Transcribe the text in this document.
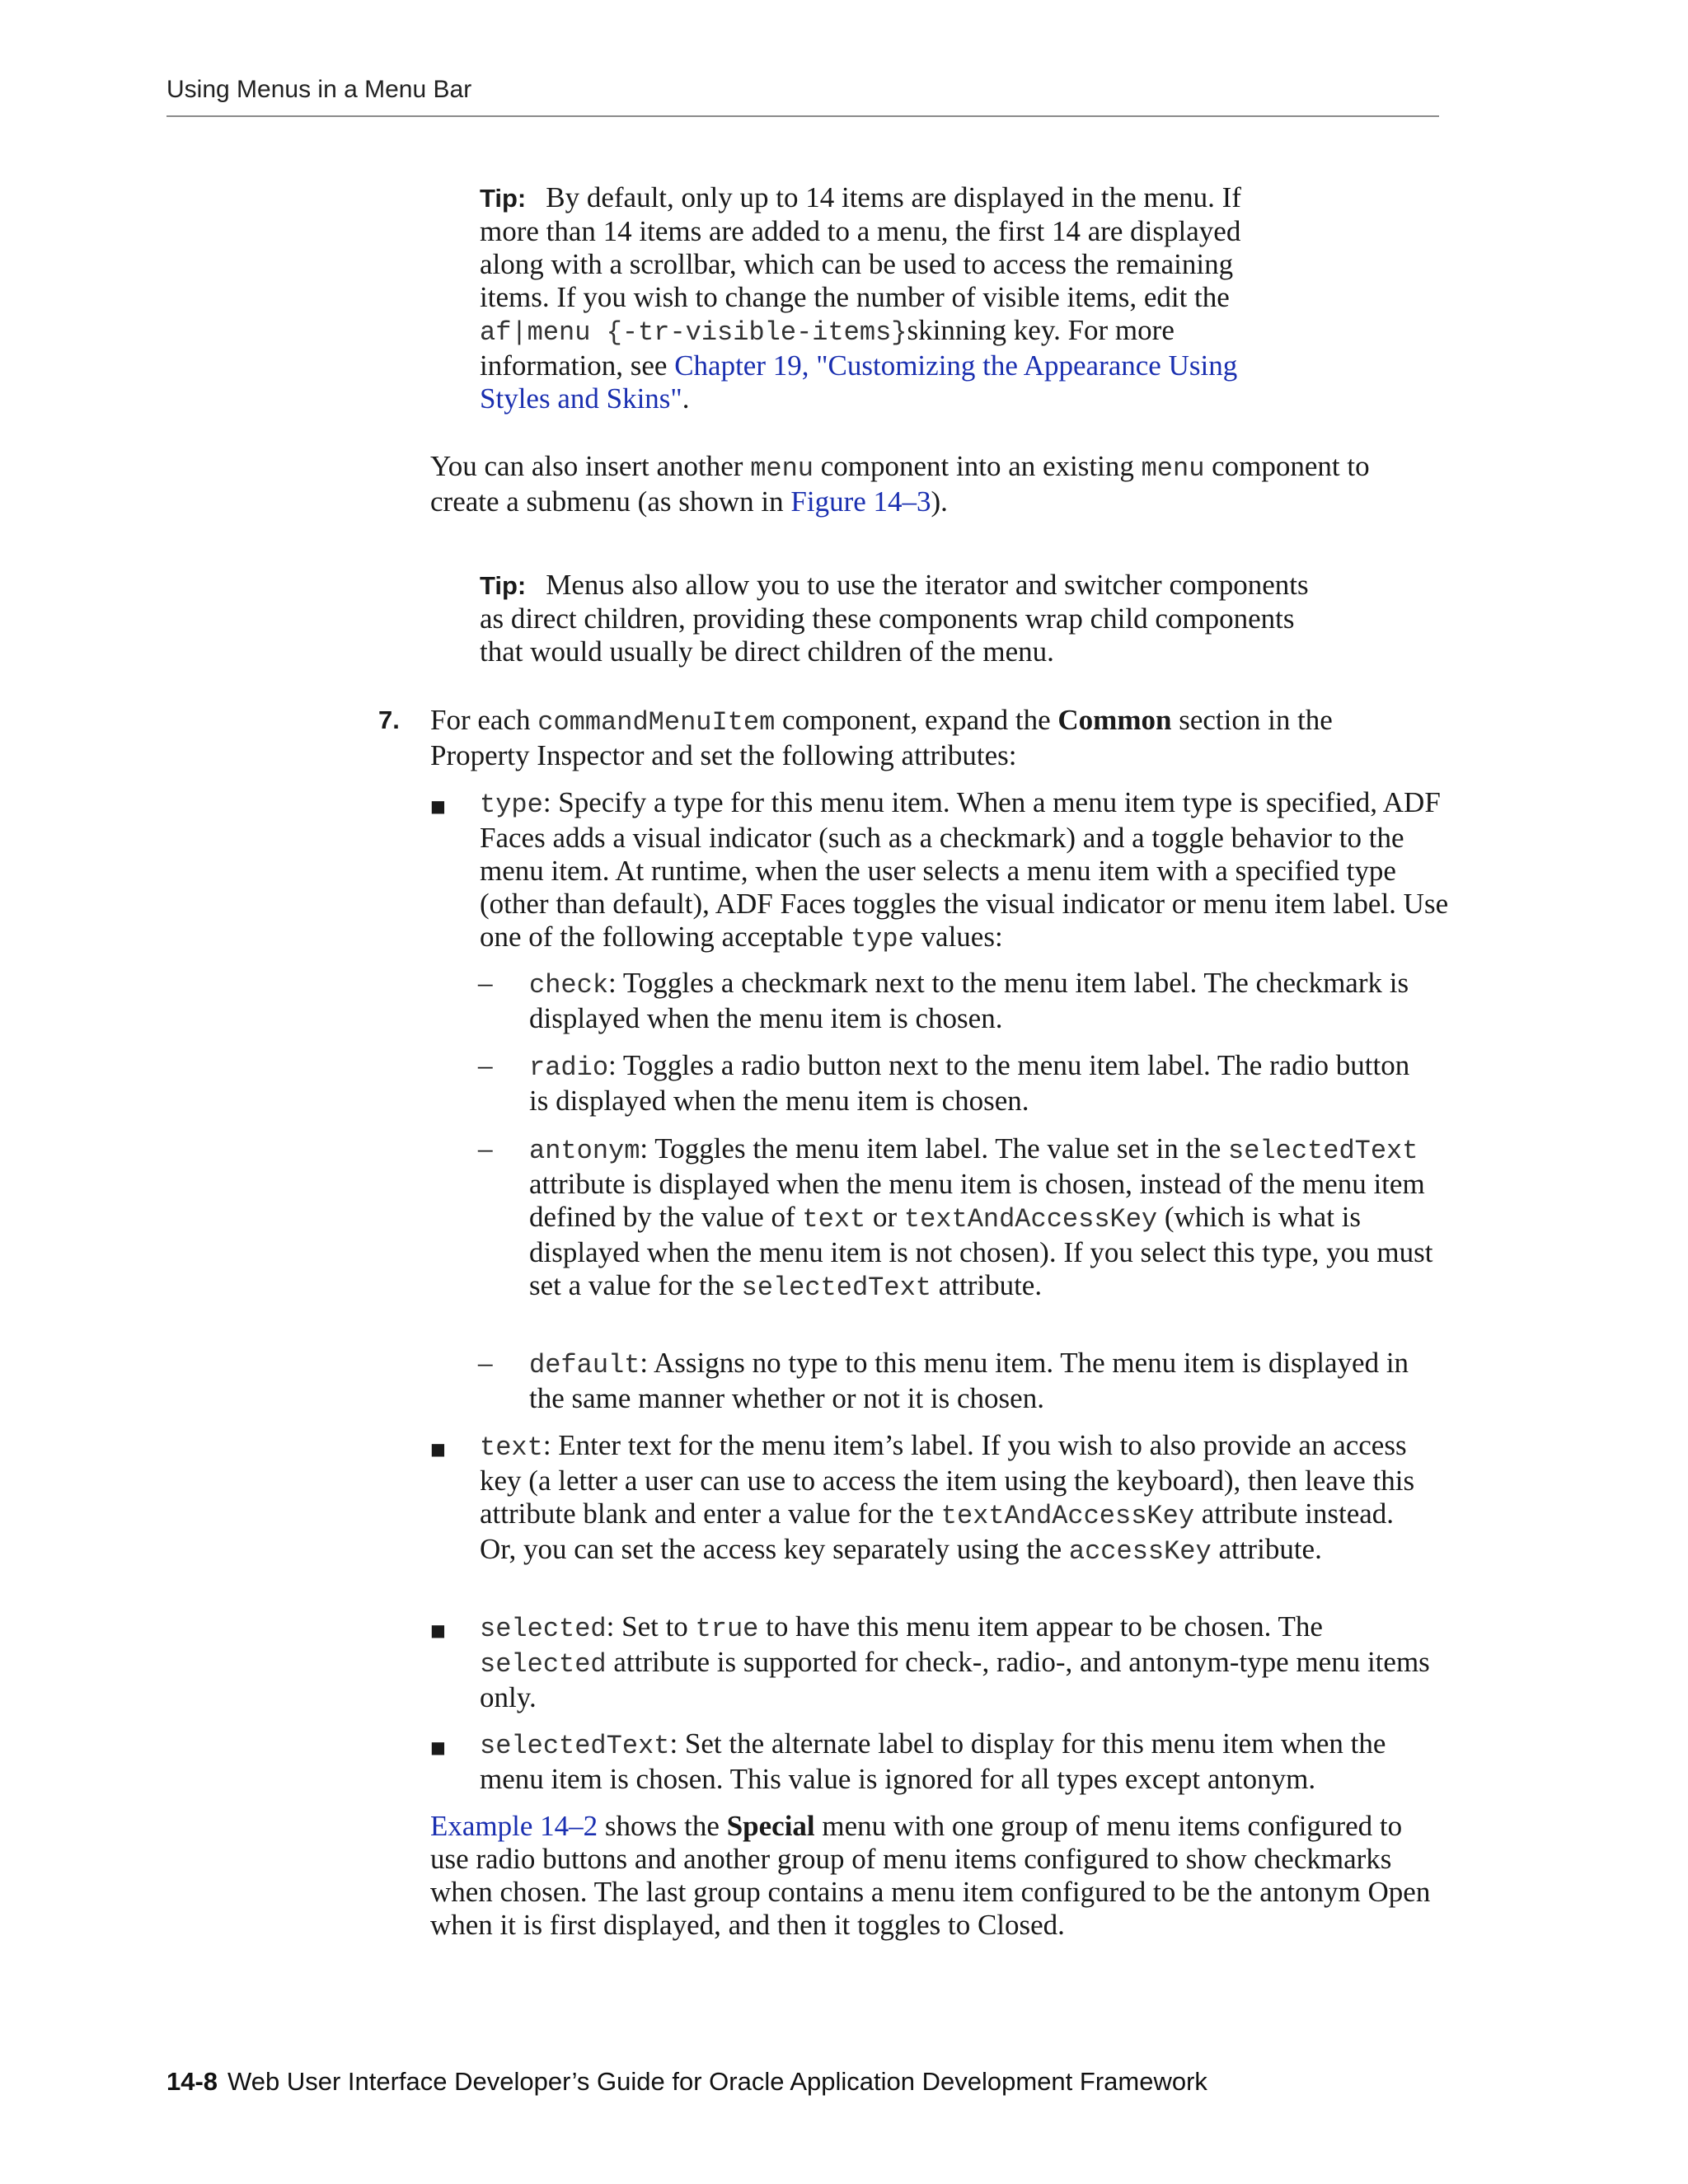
Using Menus in a Menu Bar

Tip: By default, only up to 14 items are displayed in the menu. If more than 14 items are added to a menu, the first 14 are displayed along with a scrollbar, which can be used to access the remaining items. If you wish to change the number of visible items, edit the af|menu {-tr-visible-items}skinning key. For more information, see Chapter 19, "Customizing the Appearance Using Styles and Skins".

You can also insert another menu component into an existing menu component to create a submenu (as shown in Figure 14–3).

Tip: Menus also allow you to use the iterator and switcher components as direct children, providing these components wrap child components that would usually be direct children of the menu.

7. For each commandMenuItem component, expand the Common section in the Property Inspector and set the following attributes:

■ type: Specify a type for this menu item. When a menu item type is specified, ADF Faces adds a visual indicator (such as a checkmark) and a toggle behavior to the menu item. At runtime, when the user selects a menu item with a specified type (other than default), ADF Faces toggles the visual indicator or menu item label. Use one of the following acceptable type values:

– check: Toggles a checkmark next to the menu item label. The checkmark is displayed when the menu item is chosen.

– radio: Toggles a radio button next to the menu item label. The radio button is displayed when the menu item is chosen.

– antonym: Toggles the menu item label. The value set in the selectedText attribute is displayed when the menu item is chosen, instead of the menu item defined by the value of text or textAndAccessKey (which is what is displayed when the menu item is not chosen). If you select this type, you must set a value for the selectedText attribute.

– default: Assigns no type to this menu item. The menu item is displayed in the same manner whether or not it is chosen.

■ text: Enter text for the menu item’s label. If you wish to also provide an access key (a letter a user can use to access the item using the keyboard), then leave this attribute blank and enter a value for the textAndAccessKey attribute instead. Or, you can set the access key separately using the accessKey attribute.

■ selected: Set to true to have this menu item appear to be chosen. The selected attribute is supported for check-, radio-, and antonym-type menu items only.

■ selectedText: Set the alternate label to display for this menu item when the menu item is chosen. This value is ignored for all types except antonym.

Example 14–2 shows the Special menu with one group of menu items configured to use radio buttons and another group of menu items configured to show checkmarks when chosen. The last group contains a menu item configured to be the antonym Open when it is first displayed, and then it toggles to Closed.

14-8 Web User Interface Developer’s Guide for Oracle Application Development Framework
